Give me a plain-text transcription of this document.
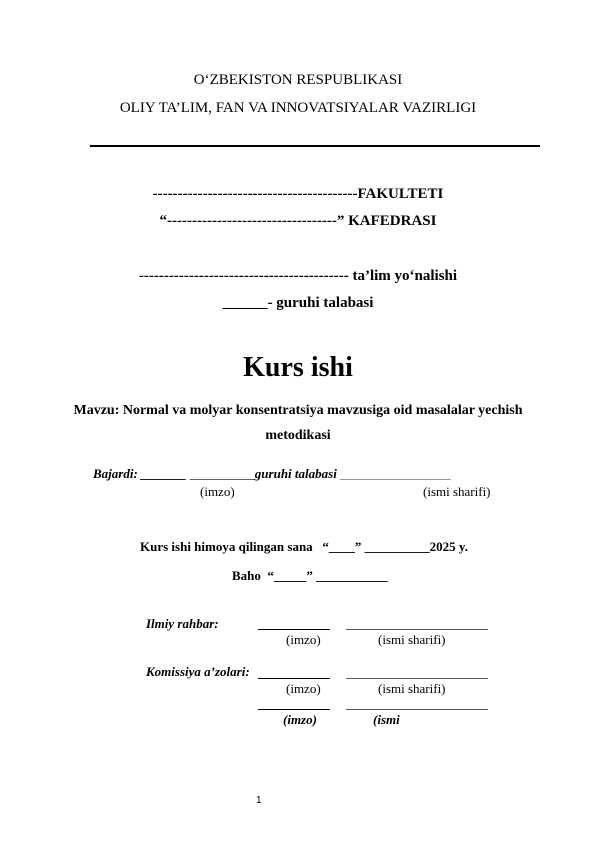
O‘ZBEKISTON RESPUBLIKASI
OLIY TA’LIM, FAN VA INNOVATSIYALAR VAZIRLIGI
-----------------------------------------FAKULTETI
“----------------------------------” KAFEDRASI
------------------------------------------ ta’lim yo‘nalishi
______- guruhi talabasi
Kurs ishi
Mavzu: Normal va molyar konsentratsiya mavzusiga oid masalalar yechish
metodikasi
Bajardi: _______ __________guruhi talabasi _________________
(imzo)	(ismi sharifi)
Kurs ishi himoya qilingan sana “____” __________2025 y.
Baho “_____” ___________
Ilmiy rahbar:
(imzo)	(ismi sharifi)
Komissiya a’zolari:
(imzo)	(ismi sharifi)
(imzo)	(ismi
1
